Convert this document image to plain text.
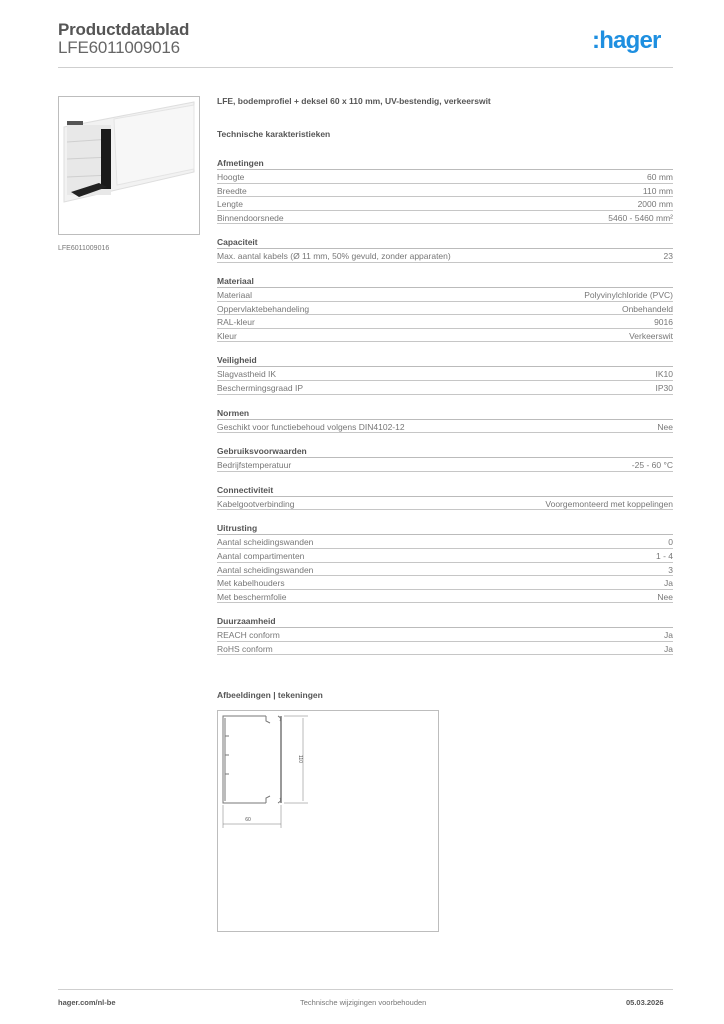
Productdatablad
LFE6011009016	:hager
LFE6011009016
LFE, bodemprofiel + deksel 60 x 110 mm, UV-bestendig, verkeerswit
Technische karakteristieken
Afmetingen
Hoogte	60 mm
Breedte	110 mm
Lengte	2000 mm
Binnendoorsnede	5460 - 5460 mm²
Capaciteit
Max. aantal kabels (Ø 11 mm, 50% gevuld, zonder apparaten)	23
Materiaal
Materiaal	Polyvinylchloride (PVC)
Oppervlaktebehandeling	Onbehandeld
RAL-kleur	9016
Kleur	Verkeerswit
Veiligheid
Slagvastheid IK	IK10
Beschermingsgraad IP	IP30
Normen
Geschikt voor functiebehoud volgens DIN4102-12	Nee
Gebruiksvoorwaarden
Bedrijfstemperatuur	-25 - 60 °C
Connectiviteit
Kabelgootverbinding	Voorgemonteerd met koppelingen
Uitrusting
Aantal scheidingswanden	0
Aantal compartimenten	1 - 4
Aantal scheidingswanden	3
Met kabelhouders	Ja
Met beschermfolie	Nee
Duurzaamheid
REACH conform	Ja
RoHS conform	Ja
Afbeeldingen | tekeningen
60
110
hager.com/nl-be	Technische wijzigingen voorbehouden	05.03.2026
